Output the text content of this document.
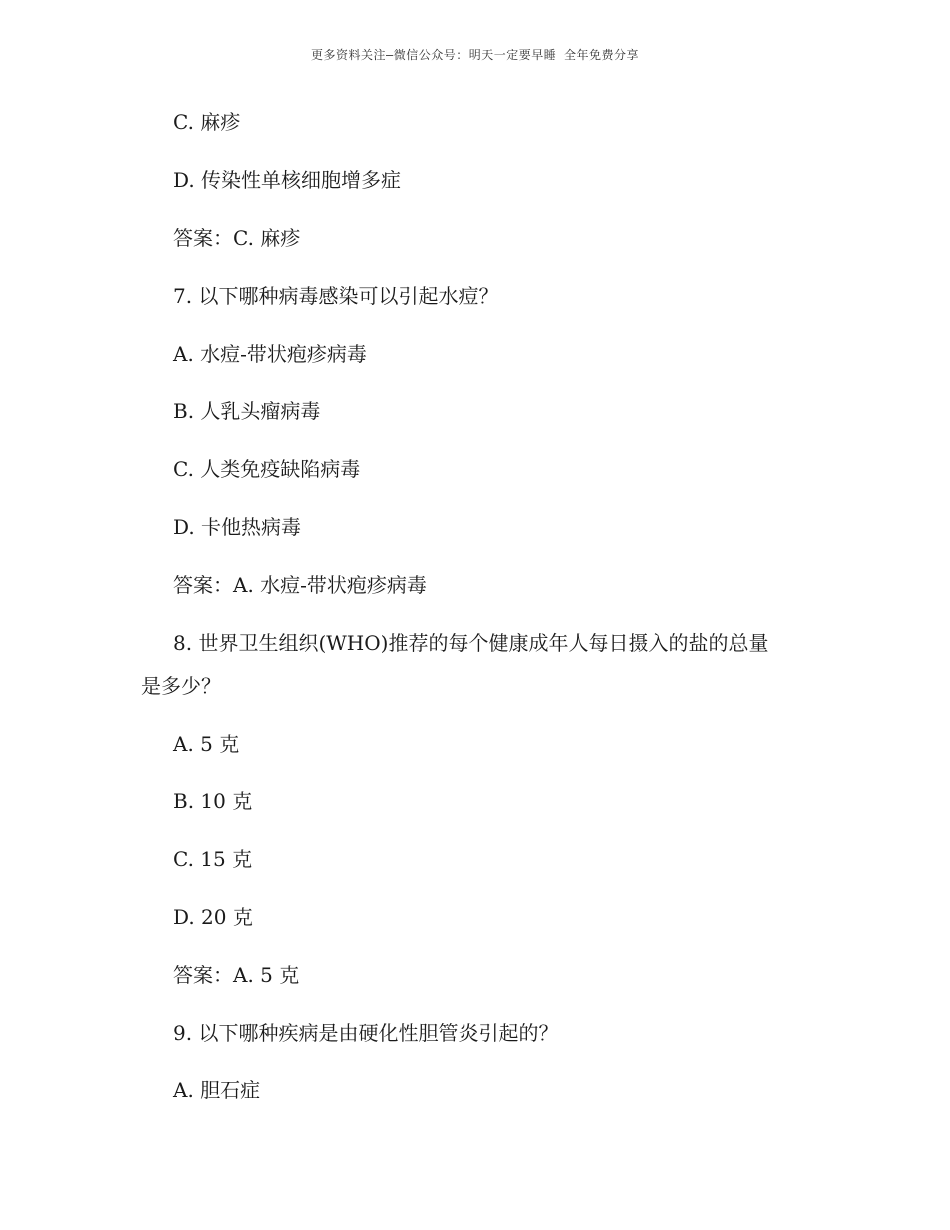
更多资料关注–微信公众号：明天一定要早睡 全年免费分享
C. 麻疹
D. 传染性单核细胞增多症
答案：C. 麻疹
7. 以下哪种病毒感染可以引起水痘？
A. 水痘-带状疱疹病毒
B. 人乳头瘤病毒
C. 人类免疫缺陷病毒
D. 卡他热病毒
答案：A. 水痘-带状疱疹病毒
8. 世界卫生组织(WHO)推荐的每个健康成年人每日摄入的盐的总量
是多少？
A. 5 克
B. 10 克
C. 15 克
D. 20 克
答案：A. 5 克
9. 以下哪种疾病是由硬化性胆管炎引起的？
A. 胆石症
